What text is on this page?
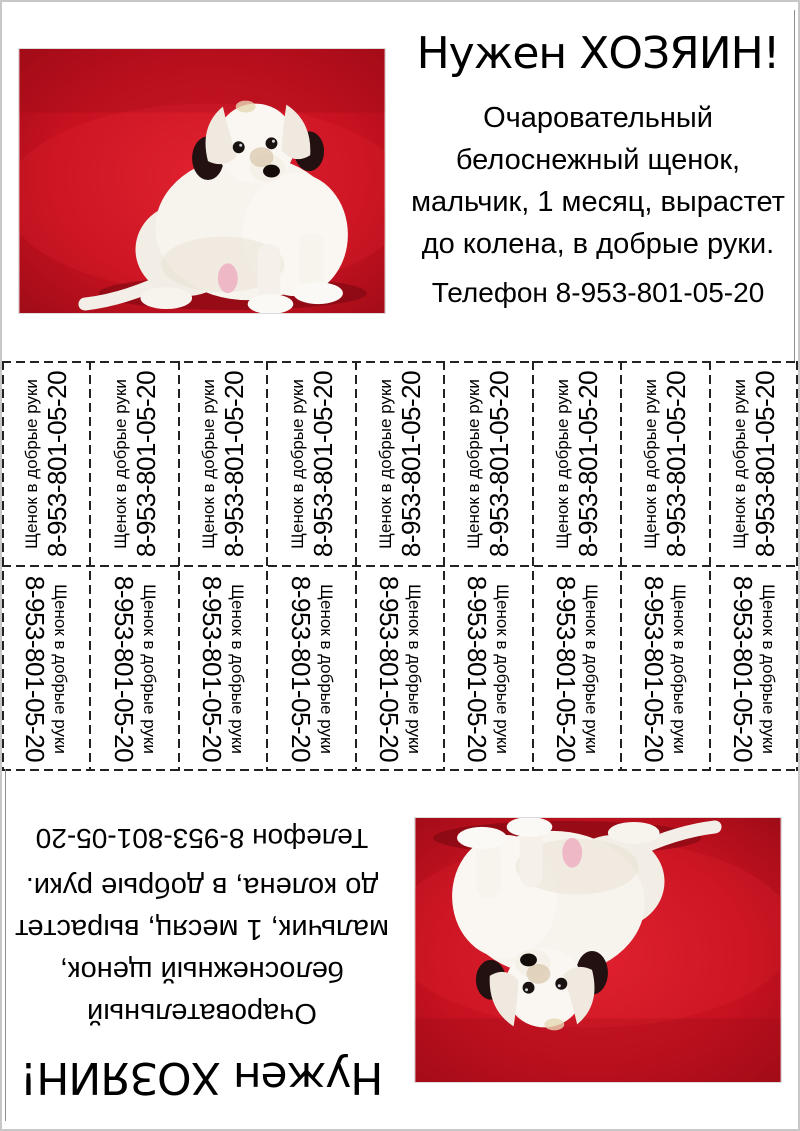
Нужен ХОЗЯИН!

Очаровательный
белоснежный щенок,
мальчик, 1 месяц, вырастет
до колена, в добрые руки.

Телефон 8-953-801-05-20

Щенок в добрые руки 8-953-801-05-20 Щенок в добрые руки 8-953-801-05-20 Щенок в добрые руки 8-953-801-05-20 Щенок в добрые руки 8-953-801-05-20 Щенок в добрые руки 8-953-801-05-20 Щенок в добрые руки 8-953-801-05-20 Щенок в добрые руки 8-953-801-05-20 Щенок в добрые руки 8-953-801-05-20 Щенок в добрые руки 8-953-801-05-20
Щенок в добрые руки
8-953-801-05-20	Щенок в добрые руки
8-953-801-05-20	Щенок в добрые руки
8-953-801-05-20	Щенок в добрые руки
8-953-801-05-20	Щенок в добрые руки
8-953-801-05-20	Щенок в добрые руки
8-953-801-05-20	Щенок в добрые руки
8-953-801-05-20	Щенок в добрые руки
8-953-801-05-20	Щенок в добрые руки
8-953-801-05-20
Нужен ХОЗЯИН!

Очаровательный
белоснежный щенок,
мальчик, 1 месяц, вырастет
до колена, в добрые руки.

Телефон 8-953-801-05-20
